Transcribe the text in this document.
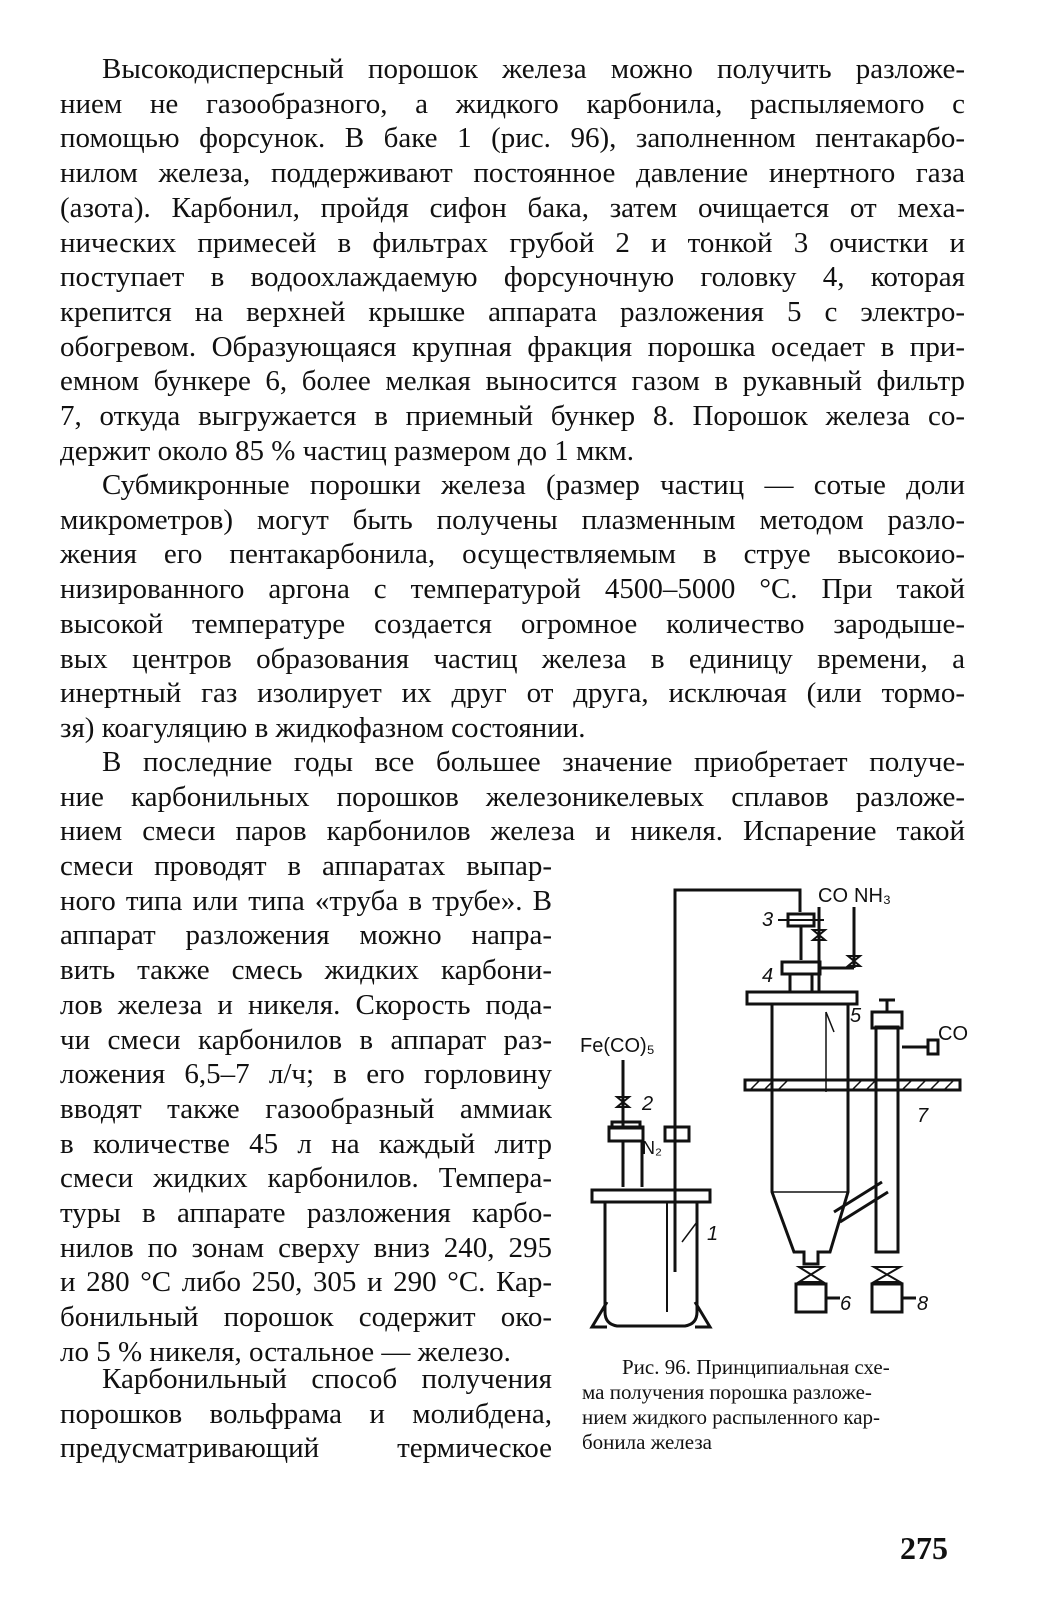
Высокодисперсный порошок железа можно получить разложе-
нием не газообразного, а жидкого карбонила, распыляемого с
помощью форсунок. В баке 1 (рис. 96), заполненном пентакарбо-
нилом железа, поддерживают постоянное давление инертного газа
(азота). Карбонил, пройдя сифон бака, затем очищается от меха-
нических примесей в фильтрах грубой 2 и тонкой 3 очистки и
поступает в водоохлаждаемую форсуночную головку 4, которая
крепится на верхней крышке аппарата разложения 5 с электро-
обогревом. Образующаяся крупная фракция порошка оседает в при-
емном бункере 6, более мелкая выносится газом в рукавный фильтр
7, откуда выгружается в приемный бункер 8. Порошок железа со-
держит около 85 % частиц размером до 1 мкм.
Субмикронные порошки железа (размер частиц — сотые доли
микрометров) могут быть получены плазменным методом разло-
жения его пентакарбонила, осуществляемым в струе высокоио-
низированного аргона с температурой 4500–5000 °С. При такой
высокой температуре создается огромное количество зародыше-
вых центров образования частиц железа в единицу времени, а
инертный газ изолирует их друг от друга, исключая (или тормо-
зя) коагуляцию в жидкофазном состоянии.
В последние годы все большее значение приобретает получе-
ние карбонильных порошков железоникелевых сплавов разложе-
нием смеси паров карбонилов железа и никеля. Испарение такой
смеси проводят в аппаратах выпар-
ного типа или типа «труба в трубе». В
аппарат разложения можно напра-
вить также смесь жидких карбони-
лов железа и никеля. Скорость пода-
чи смеси карбонилов в аппарат раз-
ложения 6,5–7 л/ч; в его горловину
вводят также газообразный аммиак
в количестве 45 л на каждый литр
смеси жидких карбонилов. Темпера-
туры в аппарате разложения карбо-
нилов по зонам сверху вниз 240, 295
и 280 °С либо 250, 305 и 290 °С. Кар-
бонильный порошок содержит око-
ло 5 % никеля, остальное — железо.
Карбонильный способ получения
порошков вольфрама и молибдена,
предусматривающий термическое
Fe(CO)₅
N₂
CO NH₃
CO
1
2
3
4
5
6
7
8
Рис. 96. Принципиальная схе-
ма получения порошка разложе-
нием жидкого распыленного кар-
бонила железа
275
